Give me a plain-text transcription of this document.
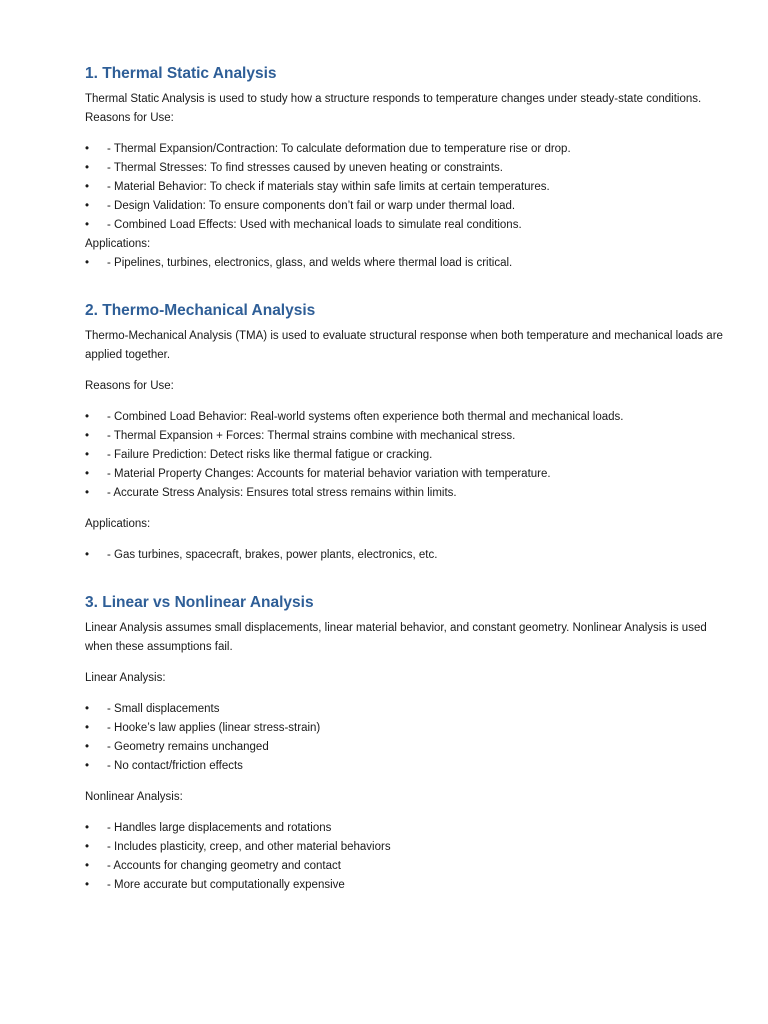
1. Thermal Static Analysis

Thermal Static Analysis is used to study how a structure responds to temperature changes under steady-state conditions.

Reasons for Use:

•	- Thermal Expansion/Contraction: To calculate deformation due to temperature rise or drop.
•	- Thermal Stresses: To find stresses caused by uneven heating or constraints.
•	- Material Behavior: To check if materials stay within safe limits at certain temperatures.
•	- Design Validation: To ensure components don’t fail or warp under thermal load.
•	- Combined Load Effects: Used with mechanical loads to simulate real conditions.

Applications:

•	- Pipelines, turbines, electronics, glass, and welds where thermal load is critical.
2. Thermo-Mechanical Analysis

Thermo-Mechanical Analysis (TMA) is used to evaluate structural response when both temperature and mechanical loads are applied together.

Reasons for Use:

•	- Combined Load Behavior: Real-world systems often experience both thermal and mechanical loads.
•	- Thermal Expansion + Forces: Thermal strains combine with mechanical stress.
•	- Failure Prediction: Detect risks like thermal fatigue or cracking.
•	- Material Property Changes: Accounts for material behavior variation with temperature.
•	- Accurate Stress Analysis: Ensures total stress remains within limits.

Applications:

•	- Gas turbines, spacecraft, brakes, power plants, electronics, etc.
3. Linear vs Nonlinear Analysis

Linear Analysis assumes small displacements, linear material behavior, and constant geometry. Nonlinear Analysis is used when these assumptions fail.

Linear Analysis:

•	- Small displacements
•	- Hooke’s law applies (linear stress-strain)
•	- Geometry remains unchanged
•	- No contact/friction effects

Nonlinear Analysis:

•	- Handles large displacements and rotations
•	- Includes plasticity, creep, and other material behaviors
•	- Accounts for changing geometry and contact
•	- More accurate but computationally expensive
